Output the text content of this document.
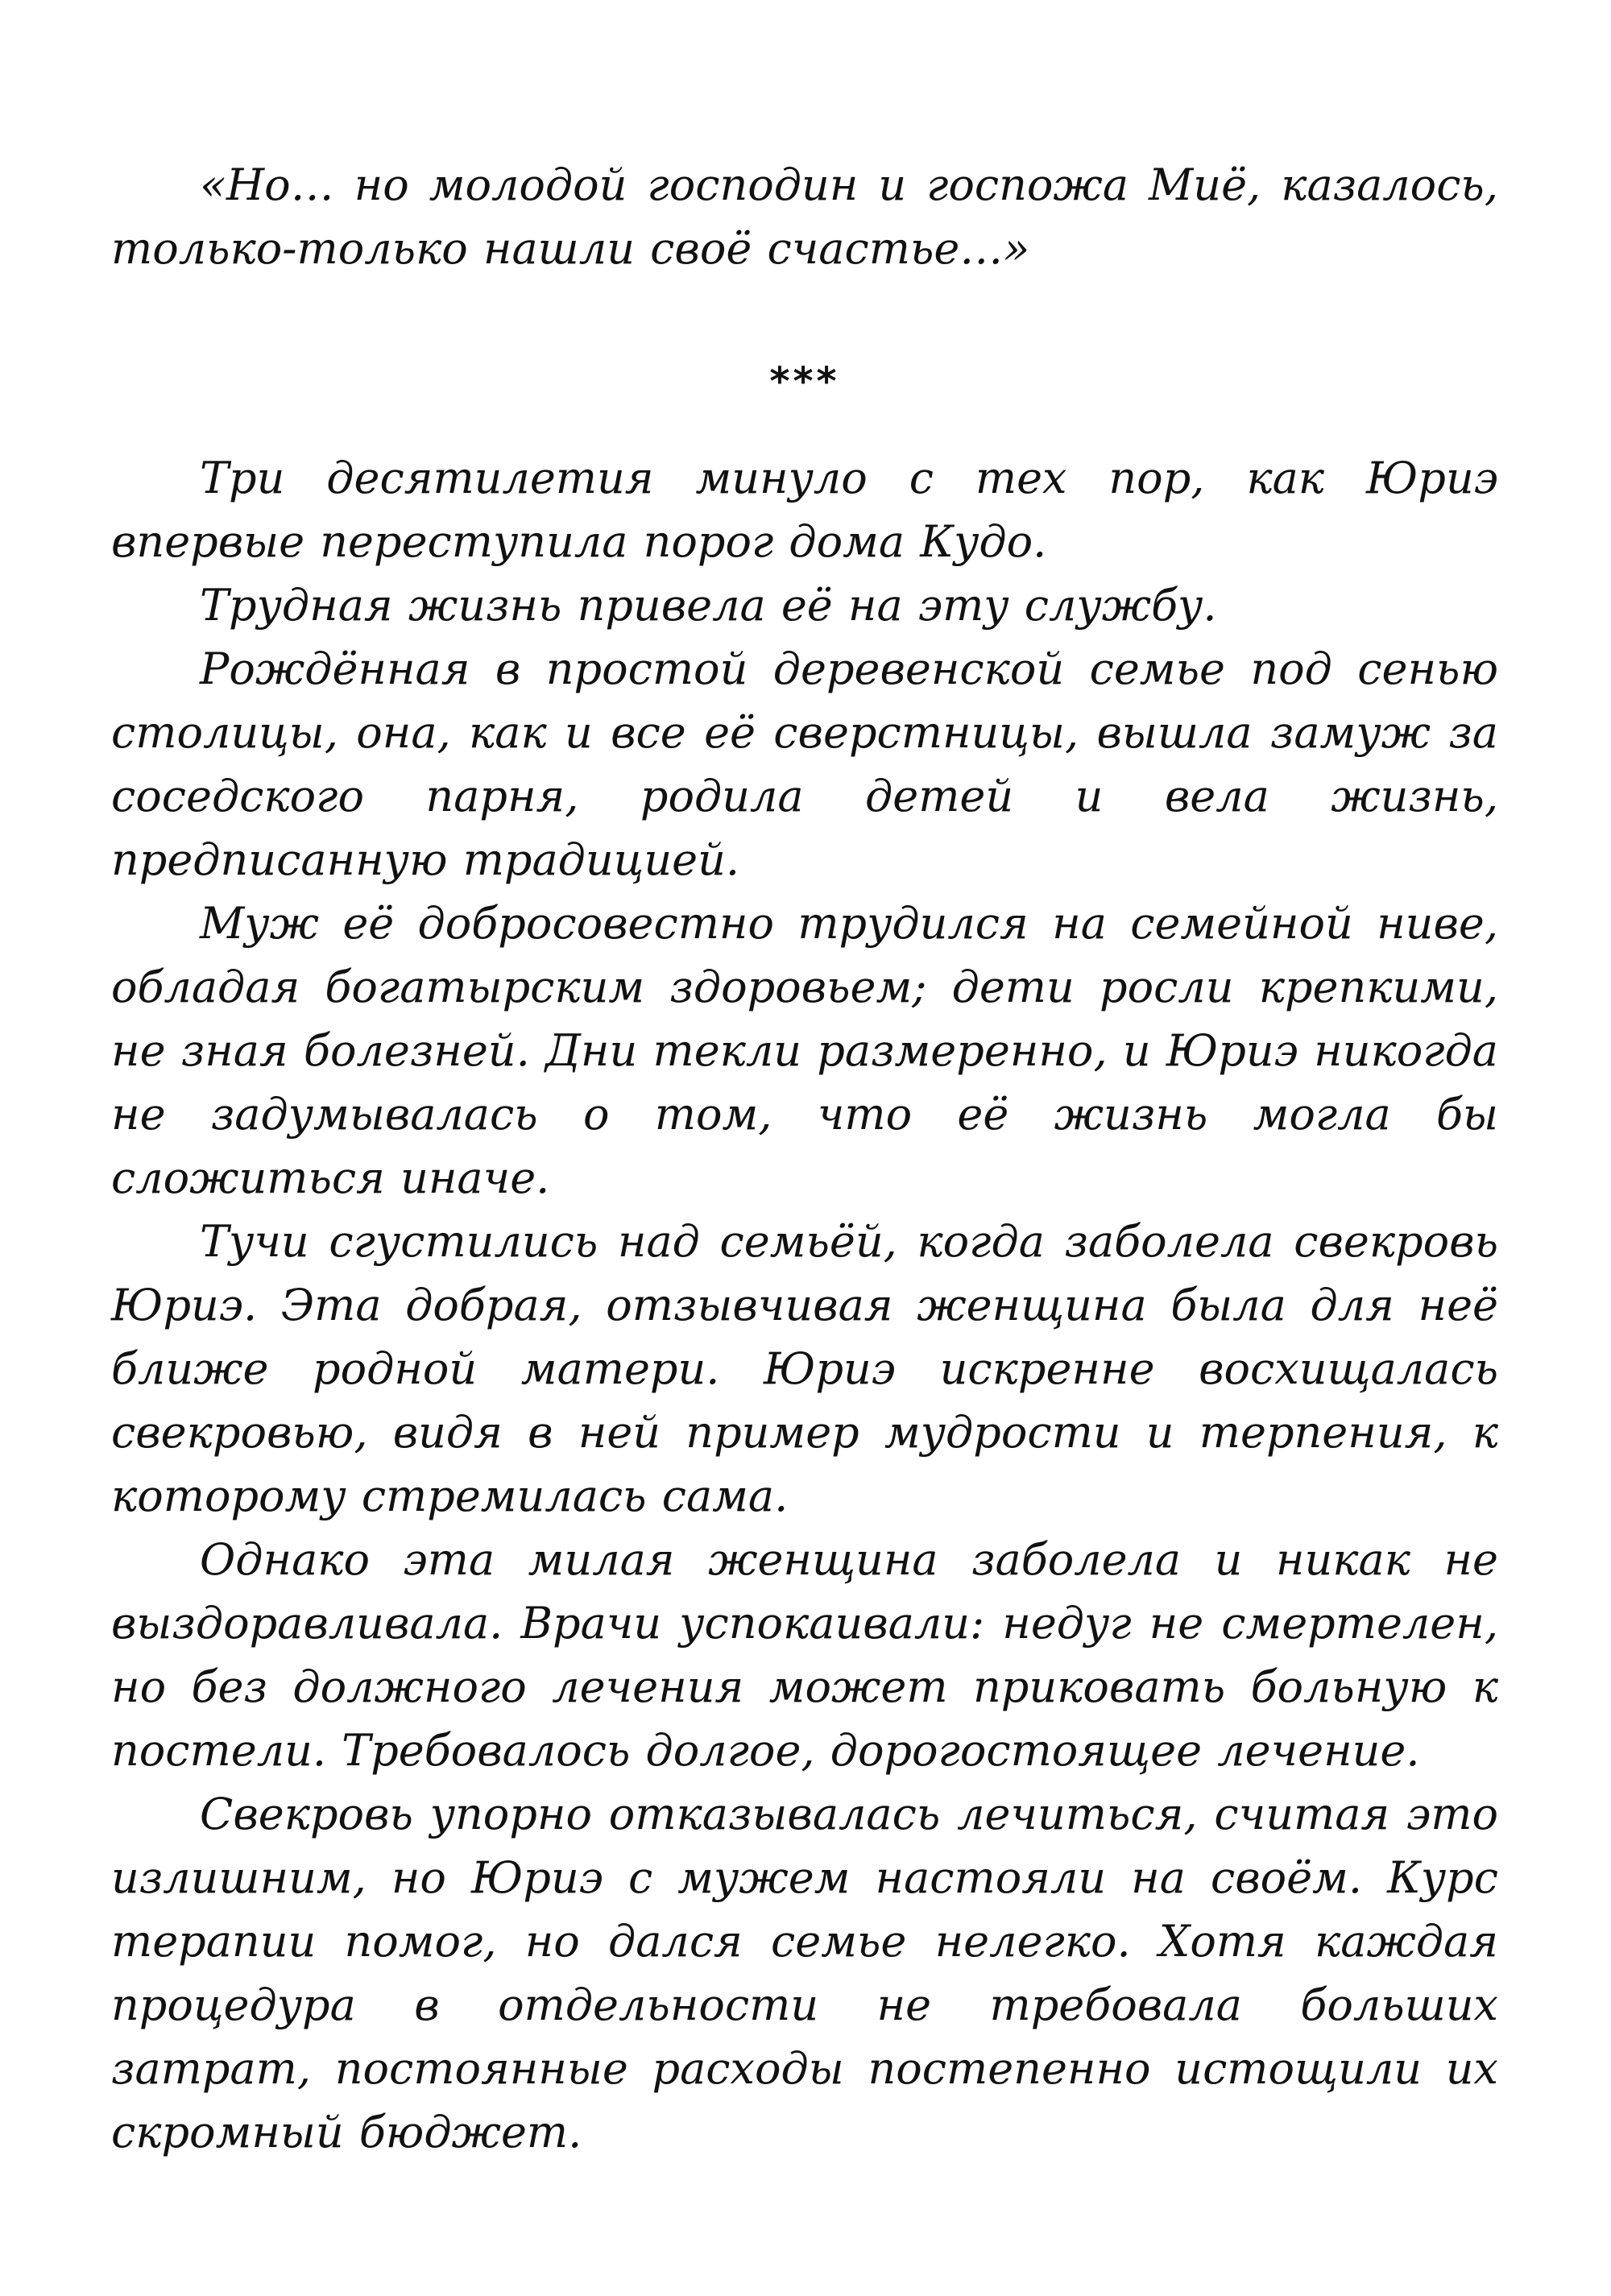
«Но… но молодой господин и госпожа Миё, казалось, только-только нашли своё счастье…»

***

Три десятилетия минуло с тех пор, как Юриэ впервые переступила порог дома Кудо.

Трудная жизнь привела её на эту службу.

Рождённая в простой деревенской семье под сенью столицы, она, как и все её сверстницы, вышла замуж за соседского парня, родила детей и вела жизнь, предписанную традицией.

Муж её добросовестно трудился на семейной ниве, обладая богатырским здоровьем; дети росли крепкими, не зная болезней. Дни текли размеренно, и Юриэ никогда не задумывалась о том, что её жизнь могла бы сложиться иначе.

Тучи сгустились над семьёй, когда заболела свекровь Юриэ. Эта добрая, отзывчивая женщина была для неё ближе родной матери. Юриэ искренне восхищалась свекровью, видя в ней пример мудрости и терпения, к которому стремилась сама.

Однако эта милая женщина заболела и никак не выздоравливала. Врачи успокаивали: недуг не смертелен, но без должного лечения может приковать больную к постели. Требовалось долгое, дорогостоящее лечение.

Свекровь упорно отказывалась лечиться, считая это излишним, но Юриэ с мужем настояли на своём. Курс терапии помог, но дался семье нелегко. Хотя каждая процедура в отдельности не требовала больших затрат, постоянные расходы постепенно истощили их скромный бюджет.
